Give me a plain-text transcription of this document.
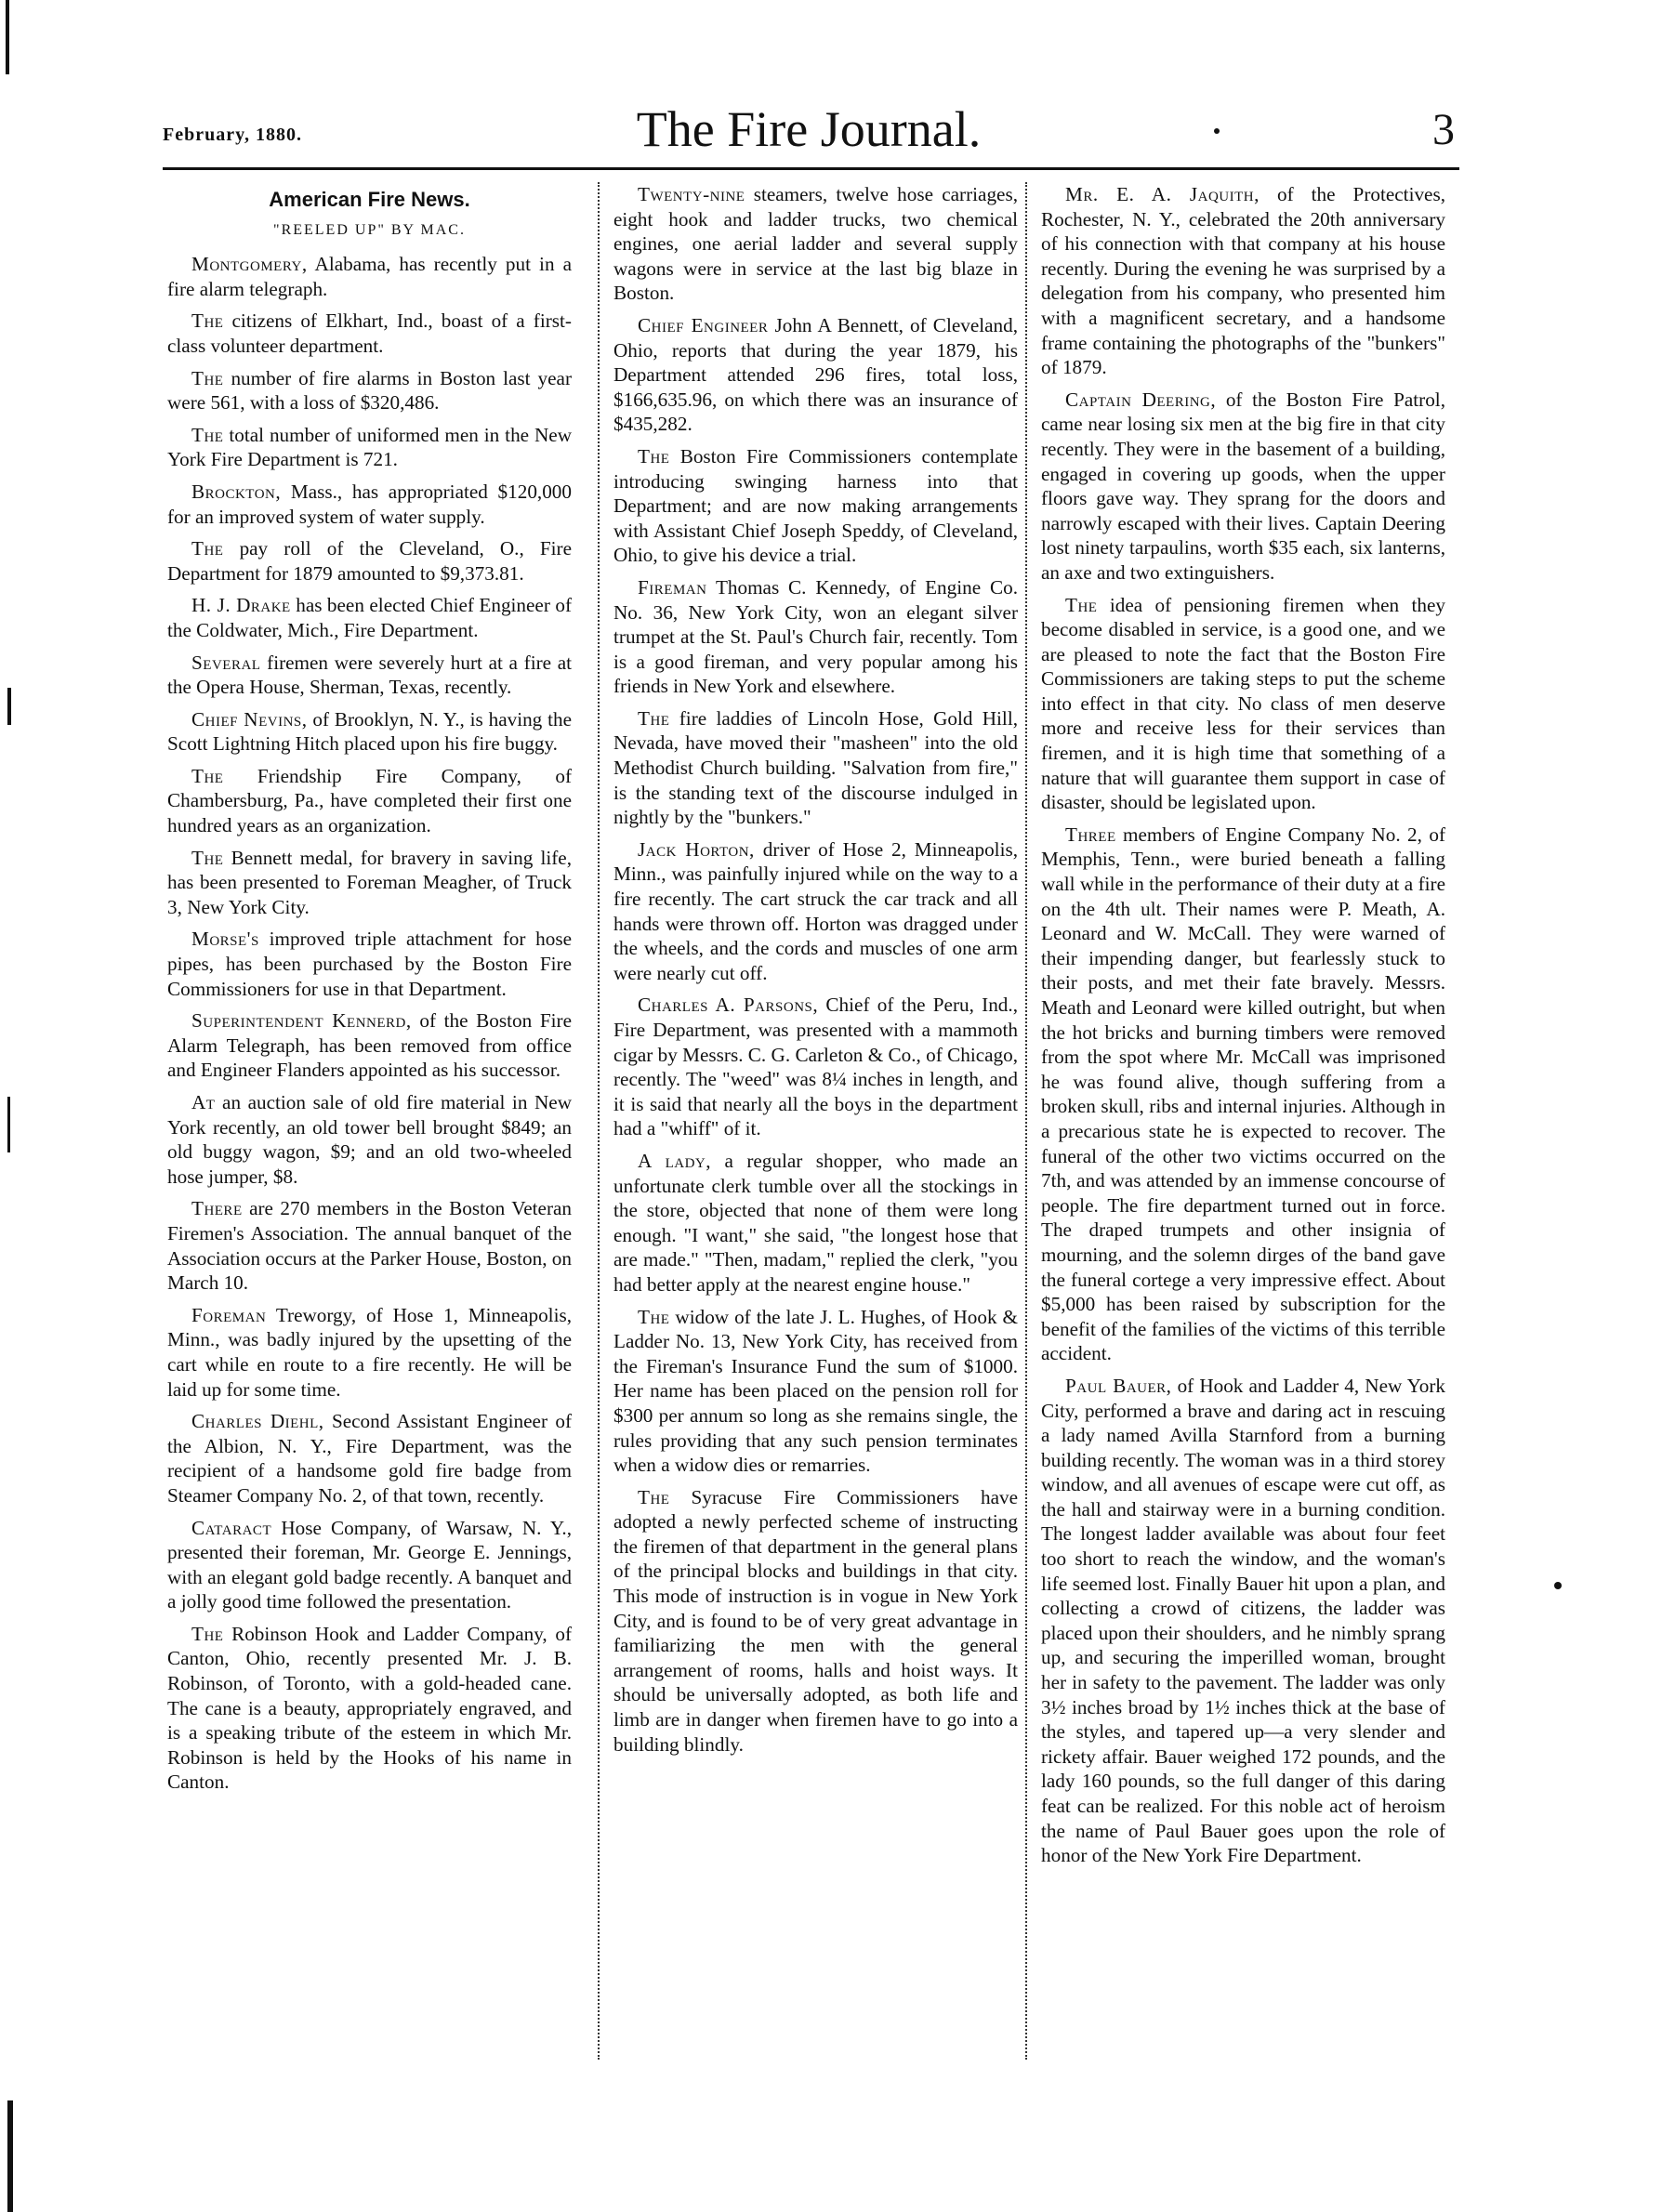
February, 1880.	The Fire Journal.	3
American Fire News.
"REELED UP" BY MAC.

Montgomery, Alabama, has recently put in a fire alarm telegraph.

The citizens of Elkhart, Ind., boast of a first-class volunteer department.

The number of fire alarms in Boston last year were 561, with a loss of $320,486.

The total number of uniformed men in the New York Fire Department is 721.

Brockton, Mass., has appropriated $120,000 for an improved system of water supply.

The pay roll of the Cleveland, O., Fire Department for 1879 amounted to $9,373.81.

H. J. Drake has been elected Chief Engineer of the Coldwater, Mich., Fire Department.

Several firemen were severely hurt at a fire at the Opera House, Sherman, Texas, recently.

Chief Nevins, of Brooklyn, N. Y., is having the Scott Lightning Hitch placed upon his fire buggy.

The Friendship Fire Company, of Chambersburg, Pa., have completed their first one hundred years as an organization.

The Bennett medal, for bravery in saving life, has been presented to Foreman Meagher, of Truck 3, New York City.

Morse's improved triple attachment for hose pipes, has been purchased by the Boston Fire Commissioners for use in that Department.

Superintendent Kennerd, of the Boston Fire Alarm Telegraph, has been removed from office and Engineer Flanders appointed as his successor.

At an auction sale of old fire material in New York recently, an old tower bell brought $849; an old buggy wagon, $9; and an old two-wheeled hose jumper, $8.

There are 270 members in the Boston Veteran Firemen's Association. The annual banquet of the Association occurs at the Parker House, Boston, on March 10.

Foreman Treworgy, of Hose 1, Minneapolis, Minn., was badly injured by the upsetting of the cart while en route to a fire recently. He will be laid up for some time.

Charles Diehl, Second Assistant Engineer of the Albion, N. Y., Fire Department, was the recipient of a handsome gold fire badge from Steamer Company No. 2, of that town, recently.

Cataract Hose Company, of Warsaw, N. Y., presented their foreman, Mr. George E. Jennings, with an elegant gold badge recently. A banquet and a jolly good time followed the presentation.

The Robinson Hook and Ladder Company, of Canton, Ohio, recently presented Mr. J. B. Robinson, of Toronto, with a gold-headed cane. The cane is a beauty, appropriately engraved, and is a speaking tribute of the esteem in which Mr. Robinson is held by the Hooks of his name in Canton.

Twenty-nine steamers, twelve hose carriages, eight hook and ladder trucks, two chemical engines, one aerial ladder and several supply wagons were in service at the last big blaze in Boston.

Chief Engineer John A Bennett, of Cleveland, Ohio, reports that during the year 1879, his Department attended 296 fires, total loss, $166,635.96, on which there was an insurance of $435,282.

The Boston Fire Commissioners contemplate introducing swinging harness into that Department; and are now making arrangements with Assistant Chief Joseph Speddy, of Cleveland, Ohio, to give his device a trial.

Fireman Thomas C. Kennedy, of Engine Co. No. 36, New York City, won an elegant silver trumpet at the St. Paul's Church fair, recently. Tom is a good fireman, and very popular among his friends in New York and elsewhere.

The fire laddies of Lincoln Hose, Gold Hill, Nevada, have moved their "masheen" into the old Methodist Church building. "Salvation from fire," is the standing text of the discourse indulged in nightly by the "bunkers."

Jack Horton, driver of Hose 2, Minneapolis, Minn., was painfully injured while on the way to a fire recently. The cart struck the car track and all hands were thrown off. Horton was dragged under the wheels, and the cords and muscles of one arm were nearly cut off.

Charles A. Parsons, Chief of the Peru, Ind., Fire Department, was presented with a mammoth cigar by Messrs. C. G. Carleton & Co., of Chicago, recently. The "weed" was 8¼ inches in length, and it is said that nearly all the boys in the department had a "whiff" of it.

A lady, a regular shopper, who made an unfortunate clerk tumble over all the stockings in the store, objected that none of them were long enough. "I want," she said, "the longest hose that are made." "Then, madam," replied the clerk, "you had better apply at the nearest engine house."

The widow of the late J. L. Hughes, of Hook & Ladder No. 13, New York City, has received from the Fireman's Insurance Fund the sum of $1000. Her name has been placed on the pension roll for $300 per annum so long as she remains single, the rules providing that any such pension terminates when a widow dies or remarries.

The Syracuse Fire Commissioners have adopted a newly perfected scheme of instructing the firemen of that department in the general plans of the principal blocks and buildings in that city. This mode of instruction is in vogue in New York City, and is found to be of very great advantage in familiarizing the men with the general arrangement of rooms, halls and hoist ways. It should be universally adopted, as both life and limb are in danger when firemen have to go into a building blindly.

Mr. E. A. Jaquith, of the Protectives, Rochester, N. Y., celebrated the 20th anniversary of his connection with that company at his house recently. During the evening he was surprised by a delegation from his company, who presented him with a magnificent secretary, and a handsome frame containing the photographs of the "bunkers" of 1879.

Captain Deering, of the Boston Fire Patrol, came near losing six men at the big fire in that city recently. They were in the basement of a building, engaged in covering up goods, when the upper floors gave way. They sprang for the doors and narrowly escaped with their lives. Captain Deering lost ninety tarpaulins, worth $35 each, six lanterns, an axe and two extinguishers.

The idea of pensioning firemen when they become disabled in service, is a good one, and we are pleased to note the fact that the Boston Fire Commissioners are taking steps to put the scheme into effect in that city. No class of men deserve more and receive less for their services than firemen, and it is high time that something of a nature that will guarantee them support in case of disaster, should be legislated upon.

Three members of Engine Company No. 2, of Memphis, Tenn., were buried beneath a falling wall while in the performance of their duty at a fire on the 4th ult. Their names were P. Meath, A. Leonard and W. McCall. They were warned of their impending danger, but fearlessly stuck to their posts, and met their fate bravely. Messrs. Meath and Leonard were killed outright, but when the hot bricks and burning timbers were removed from the spot where Mr. McCall was imprisoned he was found alive, though suffering from a broken skull, ribs and internal injuries. Although in a precarious state he is expected to recover. The funeral of the other two victims occurred on the 7th, and was attended by an immense concourse of people. The fire department turned out in force. The draped trumpets and other insignia of mourning, and the solemn dirges of the band gave the funeral cortege a very impressive effect. About $5,000 has been raised by subscription for the benefit of the families of the victims of this terrible accident.

Paul Bauer, of Hook and Ladder 4, New York City, performed a brave and daring act in rescuing a lady named Avilla Starnford from a burning building recently. The woman was in a third storey window, and all avenues of escape were cut off, as the hall and stairway were in a burning condition. The longest ladder available was about four feet too short to reach the window, and the woman's life seemed lost. Finally Bauer hit upon a plan, and collecting a crowd of citizens, the ladder was placed upon their shoulders, and he nimbly sprang up, and securing the imperilled woman, brought her in safety to the pavement. The ladder was only 3½ inches broad by 1½ inches thick at the base of the styles, and tapered up—a very slender and rickety affair. Bauer weighed 172 pounds, and the lady 160 pounds, so the full danger of this daring feat can be realized. For this noble act of heroism the name of Paul Bauer goes upon the role of honor of the New York Fire Department.
